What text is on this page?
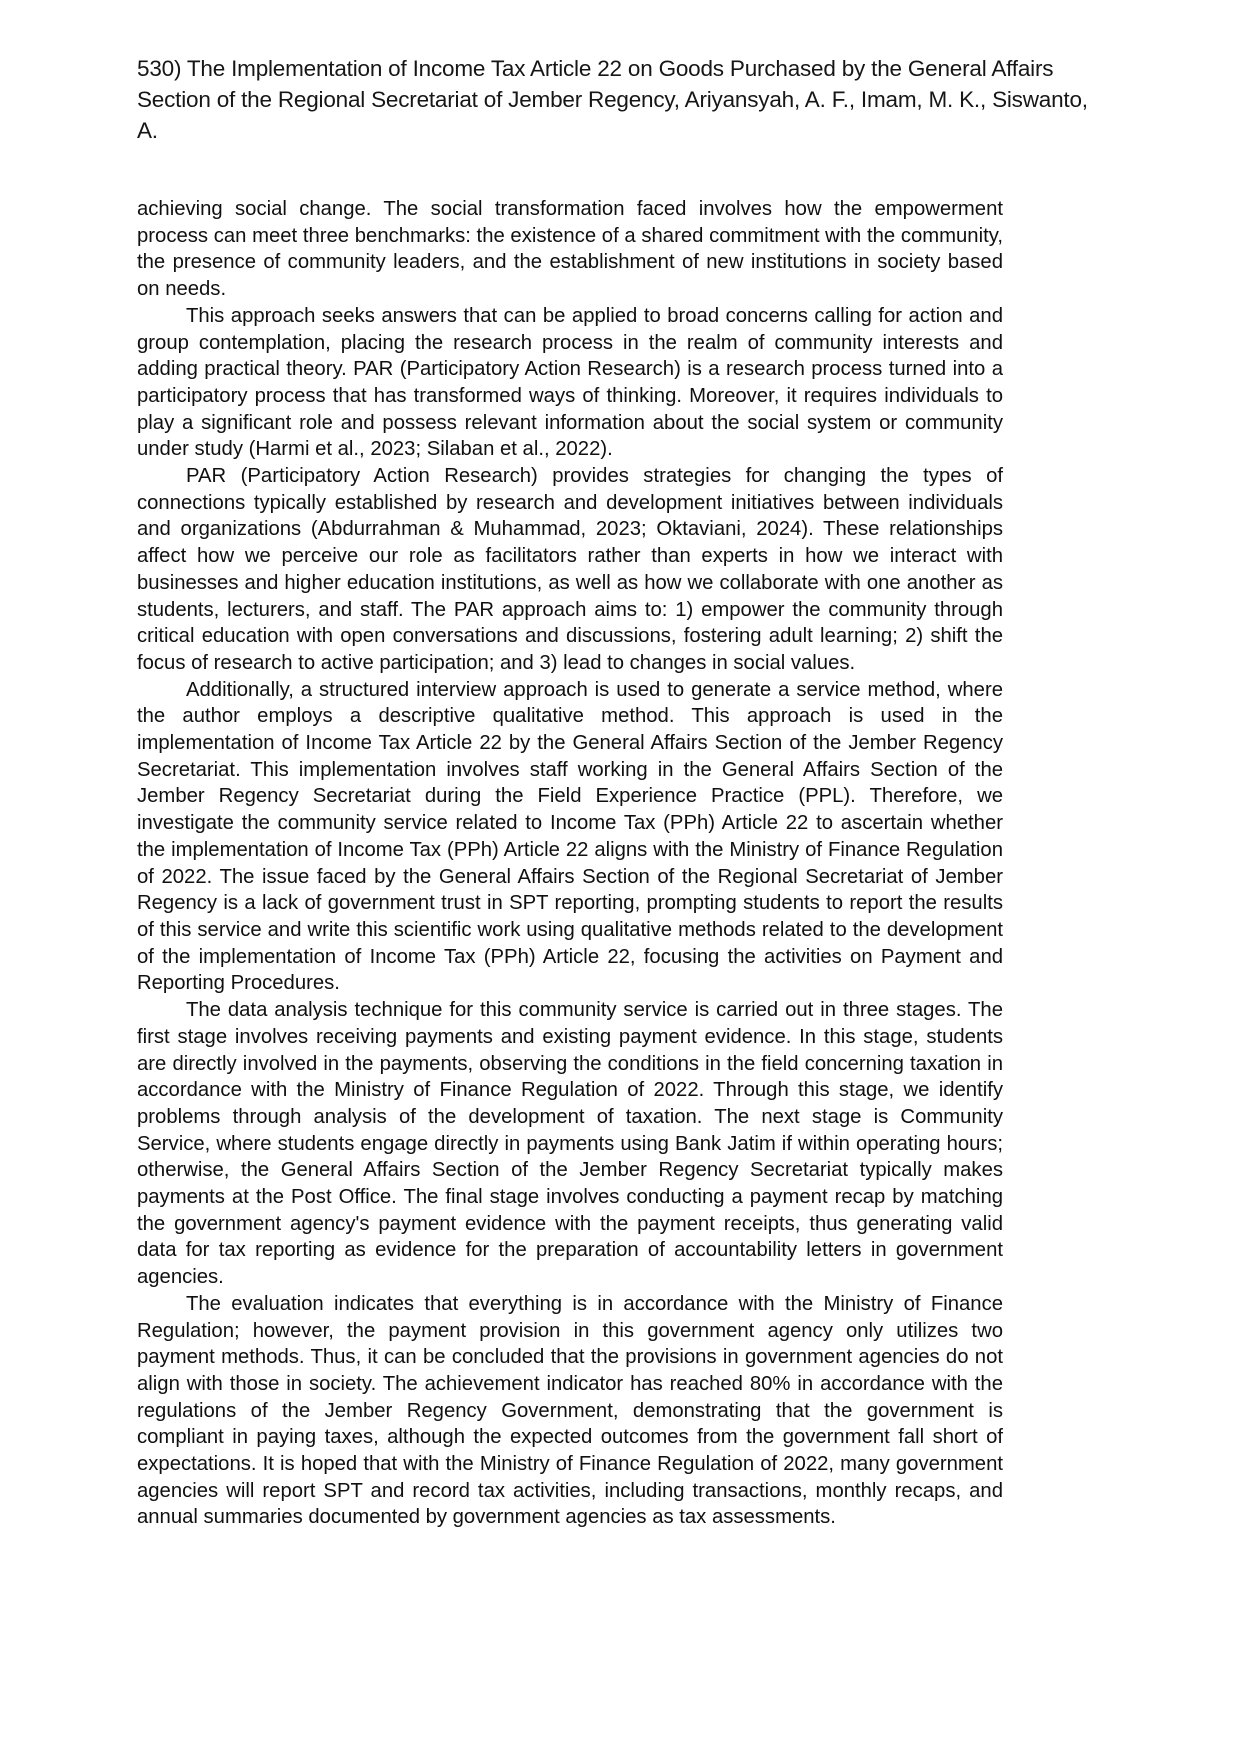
530) The Implementation of Income Tax Article 22 on Goods Purchased by the General Affairs Section of the Regional Secretariat of Jember Regency, Ariyansyah, A. F., Imam, M. K., Siswanto, A.

achieving social change. The social transformation faced involves how the empowerment process can meet three benchmarks: the existence of a shared commitment with the community, the presence of community leaders, and the establishment of new institutions in society based on needs.

This approach seeks answers that can be applied to broad concerns calling for action and group contemplation, placing the research process in the realm of community interests and adding practical theory. PAR (Participatory Action Research) is a research process turned into a participatory process that has transformed ways of thinking. Moreover, it requires individuals to play a significant role and possess relevant information about the social system or community under study (Harmi et al., 2023; Silaban et al., 2022).

PAR (Participatory Action Research) provides strategies for changing the types of connections typically established by research and development initiatives between individuals and organizations (Abdurrahman & Muhammad, 2023; Oktaviani, 2024). These relationships affect how we perceive our role as facilitators rather than experts in how we interact with businesses and higher education institutions, as well as how we collaborate with one another as students, lecturers, and staff. The PAR approach aims to: 1) empower the community through critical education with open conversations and discussions, fostering adult learning; 2) shift the focus of research to active participation; and 3) lead to changes in social values.

Additionally, a structured interview approach is used to generate a service method, where the author employs a descriptive qualitative method. This approach is used in the implementation of Income Tax Article 22 by the General Affairs Section of the Jember Regency Secretariat. This implementation involves staff working in the General Affairs Section of the Jember Regency Secretariat during the Field Experience Practice (PPL). Therefore, we investigate the community service related to Income Tax (PPh) Article 22 to ascertain whether the implementation of Income Tax (PPh) Article 22 aligns with the Ministry of Finance Regulation of 2022. The issue faced by the General Affairs Section of the Regional Secretariat of Jember Regency is a lack of government trust in SPT reporting, prompting students to report the results of this service and write this scientific work using qualitative methods related to the development of the implementation of Income Tax (PPh) Article 22, focusing the activities on Payment and Reporting Procedures.

The data analysis technique for this community service is carried out in three stages. The first stage involves receiving payments and existing payment evidence. In this stage, students are directly involved in the payments, observing the conditions in the field concerning taxation in accordance with the Ministry of Finance Regulation of 2022. Through this stage, we identify problems through analysis of the development of taxation. The next stage is Community Service, where students engage directly in payments using Bank Jatim if within operating hours; otherwise, the General Affairs Section of the Jember Regency Secretariat typically makes payments at the Post Office. The final stage involves conducting a payment recap by matching the government agency's payment evidence with the payment receipts, thus generating valid data for tax reporting as evidence for the preparation of accountability letters in government agencies.

The evaluation indicates that everything is in accordance with the Ministry of Finance Regulation; however, the payment provision in this government agency only utilizes two payment methods. Thus, it can be concluded that the provisions in government agencies do not align with those in society. The achievement indicator has reached 80% in accordance with the regulations of the Jember Regency Government, demonstrating that the government is compliant in paying taxes, although the expected outcomes from the government fall short of expectations. It is hoped that with the Ministry of Finance Regulation of 2022, many government agencies will report SPT and record tax activities, including transactions, monthly recaps, and annual summaries documented by government agencies as tax assessments.
